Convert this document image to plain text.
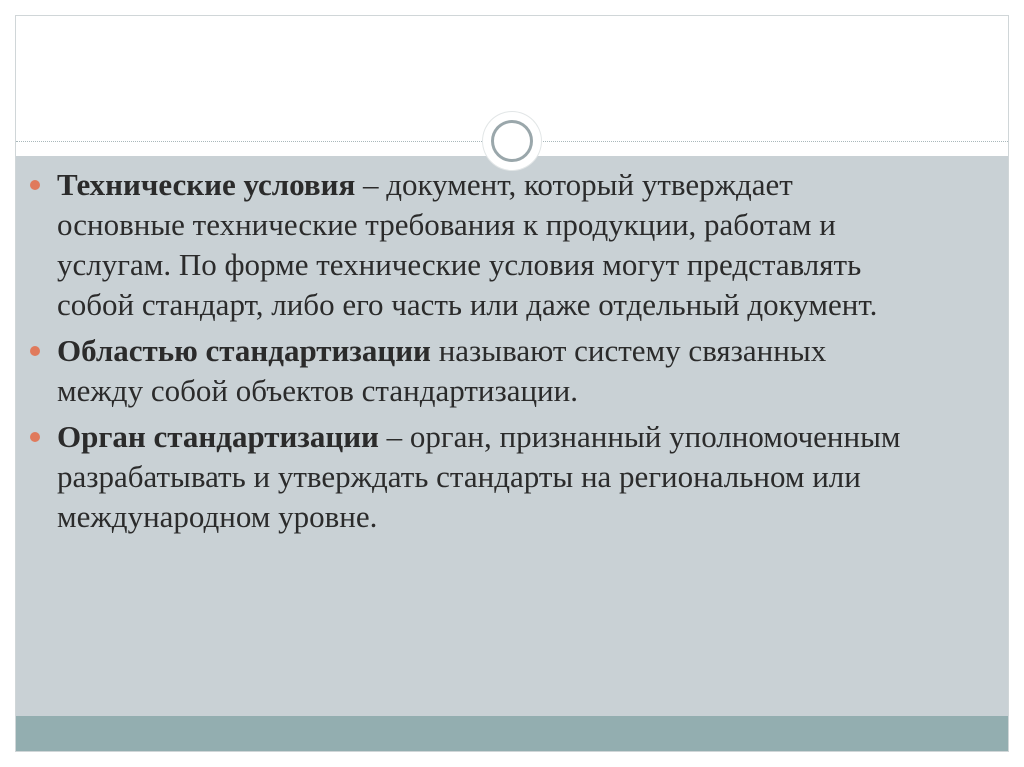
Технические условия – документ, который утверждает основные технические требования к продукции, работам и услугам. По форме технические условия могут представлять собой стандарт, либо его часть или даже отдельный документ.
Областью стандартизации называют систему связанных между собой объектов стандартизации.
Орган стандартизации – орган, признанный уполномоченным разрабатывать и утверждать стандарты на региональном или международном уровне.
